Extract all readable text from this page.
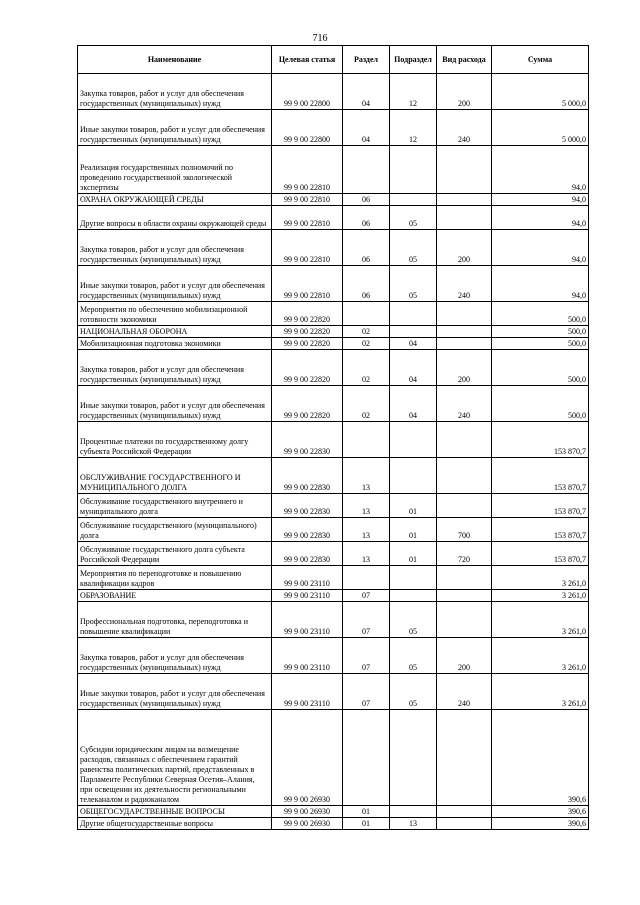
716
Наименование	Целевая статья	Раздел	Подраздел	Вид расхода	Сумма
Закупка товаров, работ и услуг для обеспечения государственных (муниципальных) нужд	99 9 00 22800	04	12	200	5 000,0
Иные закупки товаров, работ и услуг для обеспечения государственных (муниципальных) нужд	99 9 00 22800	04	12	240	5 000,0
Реализация государственных полномочий по проведению государственной экологической экспертизы	99 9 00 22810				94,0
ОХРАНА ОКРУЖАЮЩЕЙ СРЕДЫ	99 9 00 22810	06			94,0
Другие вопросы в области охраны окружающей среды	99 9 00 22810	06	05		94,0
Закупка товаров, работ и услуг для обеспечения государственных (муниципальных) нужд	99 9 00 22810	06	05	200	94,0
Иные закупки товаров, работ и услуг для обеспечения государственных (муниципальных) нужд	99 9 00 22810	06	05	240	94,0
Мероприятия по обеспечению мобилизационной готовности экономики	99 9 00 22820				500,0
НАЦИОНАЛЬНАЯ ОБОРОНА	99 9 00 22820	02			500,0
Мобилизационная подготовка экономики	99 9 00 22820	02	04		500,0
Закупка товаров, работ и услуг для обеспечения государственных (муниципальных) нужд	99 9 00 22820	02	04	200	500,0
Иные закупки товаров, работ и услуг для обеспечения государственных (муниципальных) нужд	99 9 00 22820	02	04	240	500,0
Процентные платежи по государственному долгу субъекта Российской Федерации	99 9 00 22830				153 870,7
ОБСЛУЖИВАНИЕ ГОСУДАРСТВЕННОГО И МУНИЦИПАЛЬНОГО ДОЛГА	99 9 00 22830	13			153 870,7
Обслуживание государственного внутреннего и муниципального долга	99 9 00 22830	13	01		153 870,7
Обслуживание государственного (муниципального) долга	99 9 00 22830	13	01	700	153 870,7
Обслуживание государственного долга субъекта Российской Федерации	99 9 00 22830	13	01	720	153 870,7
Мероприятия по переподготовке и повышению квалификации кадров	99 9 00 23110				3 261,0
ОБРАЗОВАНИЕ	99 9 00 23110	07			3 261,0
Профессиональная подготовка, переподготовка и повышение квалификации	99 9 00 23110	07	05		3 261,0
Закупка товаров, работ и услуг для обеспечения государственных (муниципальных) нужд	99 9 00 23110	07	05	200	3 261,0
Иные закупки товаров, работ и услуг для обеспечения государственных (муниципальных) нужд	99 9 00 23110	07	05	240	3 261,0
Субсидии юридическим лицам на возмещение расходов, связанных с обеспечением гарантий равенства политических партий, представленных в Парламенте Республики Северная Осетия–Алания, при освещении их деятельности региональными телеканалом и радиоканалом	99 9 00 26930				390,6
ОБЩЕГОСУДАРСТВЕННЫЕ ВОПРОСЫ	99 9 00 26930	01			390,6
Другие общегосударственные вопросы	99 9 00 26930	01	13		390,6
